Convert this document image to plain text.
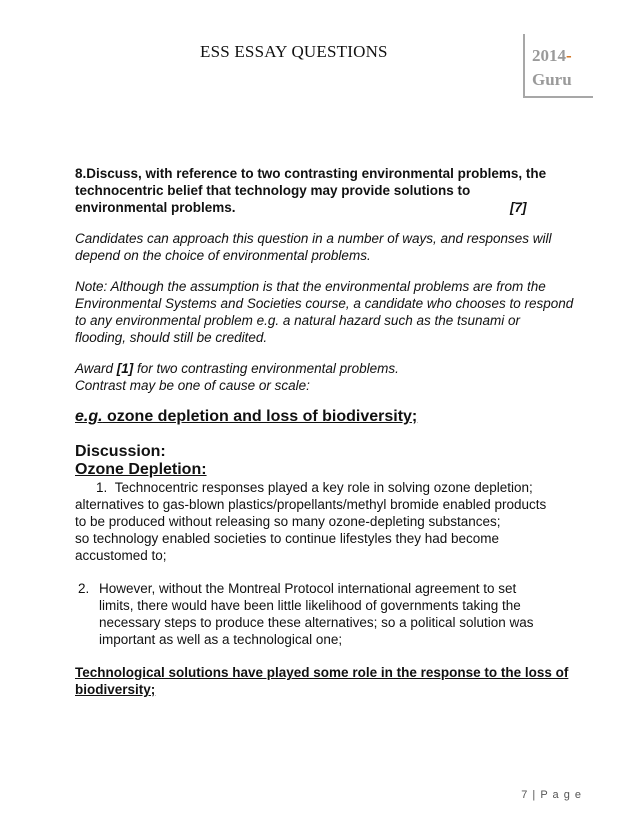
ESS ESSAY QUESTIONS	2014-
Guru
8.Discuss, with reference to two contrasting environmental problems, the
technocentric belief that technology may provide solutions to
environmental problems.	[7]
Candidates can approach this question in a number of ways, and responses will
depend on the choice of environmental problems.
Note: Although the assumption is that the environmental problems are from the
Environmental Systems and Societies course, a candidate who chooses to respond
to any environmental problem e.g. a natural hazard such as the tsunami or
flooding, should still be credited.
Award [1] for two contrasting environmental problems.
Contrast may be one of cause or scale:
e.g. ozone depletion and loss of biodiversity;
Discussion:
Ozone Depletion:
1. Technocentric responses played a key role in solving ozone depletion;
alternatives to gas-blown plastics/propellants/methyl bromide enabled products
to be produced without releasing so many ozone-depleting substances;
so technology enabled societies to continue lifestyles they had become
accustomed to;
2. However, without the Montreal Protocol international agreement to set
limits, there would have been little likelihood of governments taking the
necessary steps to produce these alternatives; so a political solution was
important as well as a technological one;
Technological solutions have played some role in the response to the loss of
biodiversity;
7 | P a g e
